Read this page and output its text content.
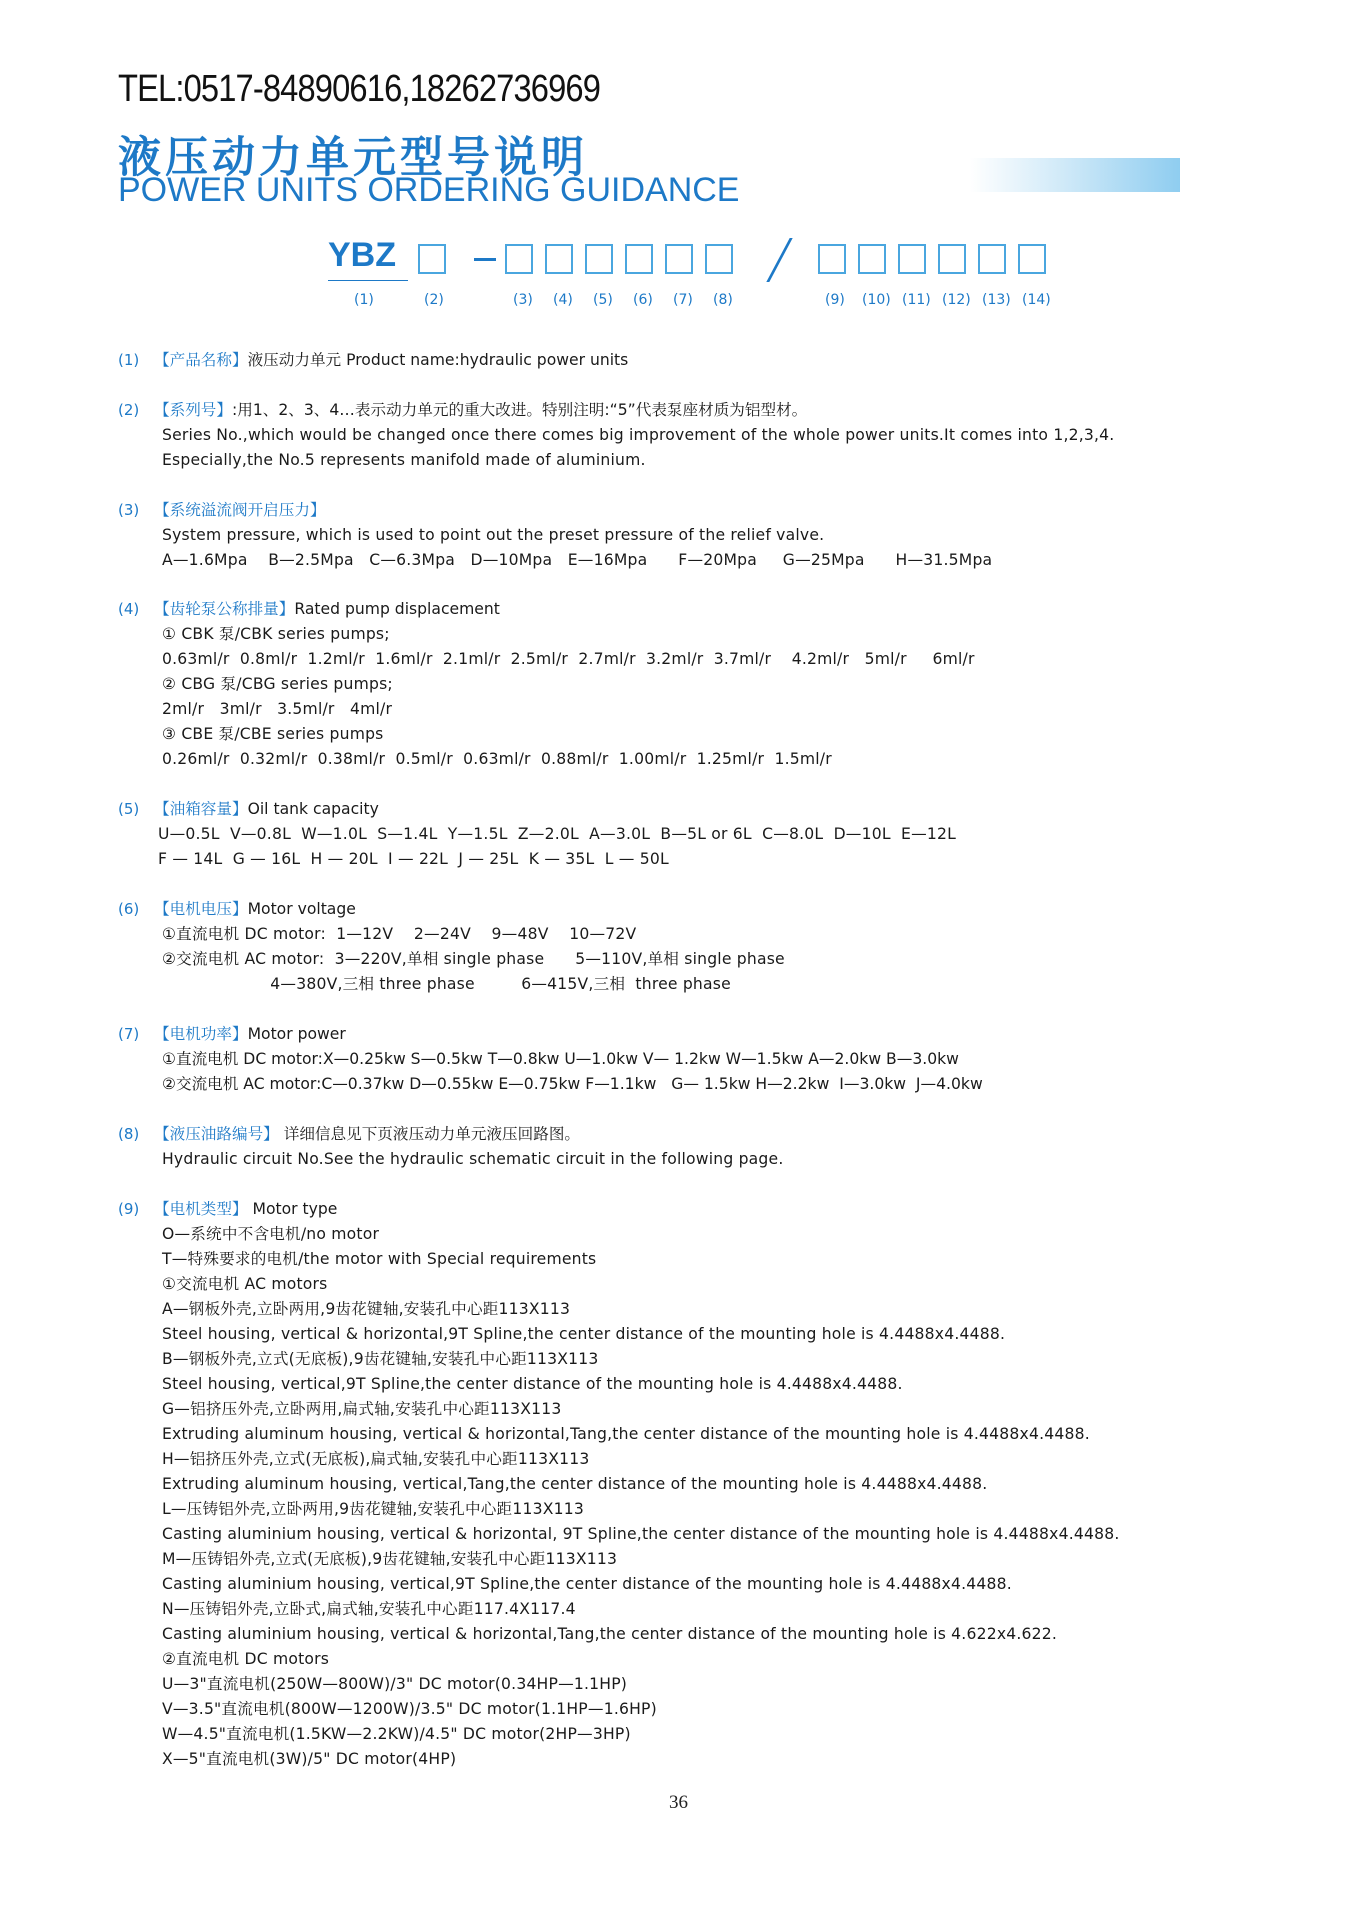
TEL:0517-84890616,18262736969
液压动力单元型号说明
POWER UNITS ORDERING GUIDANCE
YBZ
(1)	(2)	(3) (4) (5) (6) (7) (8)	(9) (10) (11) (12) (13) (14)
(1) 【产品名称】液压动力单元 Product name:hydraulic power units
(2) 【系列号】:用1、2、3、4…表示动力单元的重大改进。特别注明:“5”代表泵座材质为铝型材。
Series No.,which would be changed once there comes big improvement of the whole power units.It comes into 1,2,3,4.
Especially,the No.5 represents manifold made of aluminium.
(3) 【系统溢流阀开启压力】
System pressure, which is used to point out the preset pressure of the relief valve.
A—1.6Mpa    B—2.5Mpa   C—6.3Mpa   D—10Mpa   E—16Mpa      F—20Mpa     G—25Mpa      H—31.5Mpa
(4) 【齿轮泵公称排量】Rated pump displacement
① CBK 泵/CBK series pumps;
0.63ml/r  0.8ml/r  1.2ml/r  1.6ml/r  2.1ml/r  2.5ml/r  2.7ml/r  3.2ml/r  3.7ml/r    4.2ml/r   5ml/r     6ml/r
② CBG 泵/CBG series pumps;
2ml/r   3ml/r   3.5ml/r   4ml/r
③ CBE 泵/CBE series pumps
0.26ml/r  0.32ml/r  0.38ml/r  0.5ml/r  0.63ml/r  0.88ml/r  1.00ml/r  1.25ml/r  1.5ml/r
(5) 【油箱容量】Oil tank capacity
U—0.5L  V—0.8L  W—1.0L  S—1.4L  Y—1.5L  Z—2.0L  A—3.0L  B—5L or 6L  C—8.0L  D—10L  E—12L
F — 14L  G — 16L  H — 20L  I — 22L  J — 25L  K — 35L  L — 50L
(6) 【电机电压】Motor voltage
①直流电机 DC motor:  1—12V    2—24V    9—48V    10—72V
②交流电机 AC motor:  3—220V,单相 single phase      5—110V,单相 single phase
4—380V,三相 three phase         6—415V,三相  three phase
(7) 【电机功率】Motor power
①直流电机 DC motor:X—0.25kw S—0.5kw T—0.8kw U—1.0kw V— 1.2kw W—1.5kw A—2.0kw B—3.0kw
②交流电机 AC motor:C—0.37kw D—0.55kw E—0.75kw F—1.1kw   G— 1.5kw H—2.2kw  I—3.0kw  J—4.0kw
(8) 【液压油路编号】 详细信息见下页液压动力单元液压回路图。
Hydraulic circuit No.See the hydraulic schematic circuit in the following page.
(9) 【电机类型】 Motor type
O—系统中不含电机/no motor
T—特殊要求的电机/the motor with Special requirements
①交流电机 AC motors
A—钢板外壳,立卧两用,9齿花键轴,安装孔中心距113X113
Steel housing, vertical & horizontal,9T Spline,the center distance of the mounting hole is 4.4488x4.4488.
B—钢板外壳,立式(无底板),9齿花键轴,安装孔中心距113X113
Steel housing, vertical,9T Spline,the center distance of the mounting hole is 4.4488x4.4488.
G—铝挤压外壳,立卧两用,扁式轴,安装孔中心距113X113
Extruding aluminum housing, vertical & horizontal,Tang,the center distance of the mounting hole is 4.4488x4.4488.
H—铝挤压外壳,立式(无底板),扁式轴,安装孔中心距113X113
Extruding aluminum housing, vertical,Tang,the center distance of the mounting hole is 4.4488x4.4488.
L—压铸铝外壳,立卧两用,9齿花键轴,安装孔中心距113X113
Casting aluminium housing, vertical & horizontal, 9T Spline,the center distance of the mounting hole is 4.4488x4.4488.
M—压铸铝外壳,立式(无底板),9齿花键轴,安装孔中心距113X113
Casting aluminium housing, vertical,9T Spline,the center distance of the mounting hole is 4.4488x4.4488.
N—压铸铝外壳,立卧式,扁式轴,安装孔中心距117.4X117.4
Casting aluminium housing, vertical & horizontal,Tang,the center distance of the mounting hole is 4.622x4.622.
②直流电机 DC motors
U—3"直流电机(250W—800W)/3" DC motor(0.34HP—1.1HP)
V—3.5"直流电机(800W—1200W)/3.5" DC motor(1.1HP—1.6HP)
W—4.5"直流电机(1.5KW—2.2KW)/4.5" DC motor(2HP—3HP)
X—5"直流电机(3W)/5" DC motor(4HP)
36
